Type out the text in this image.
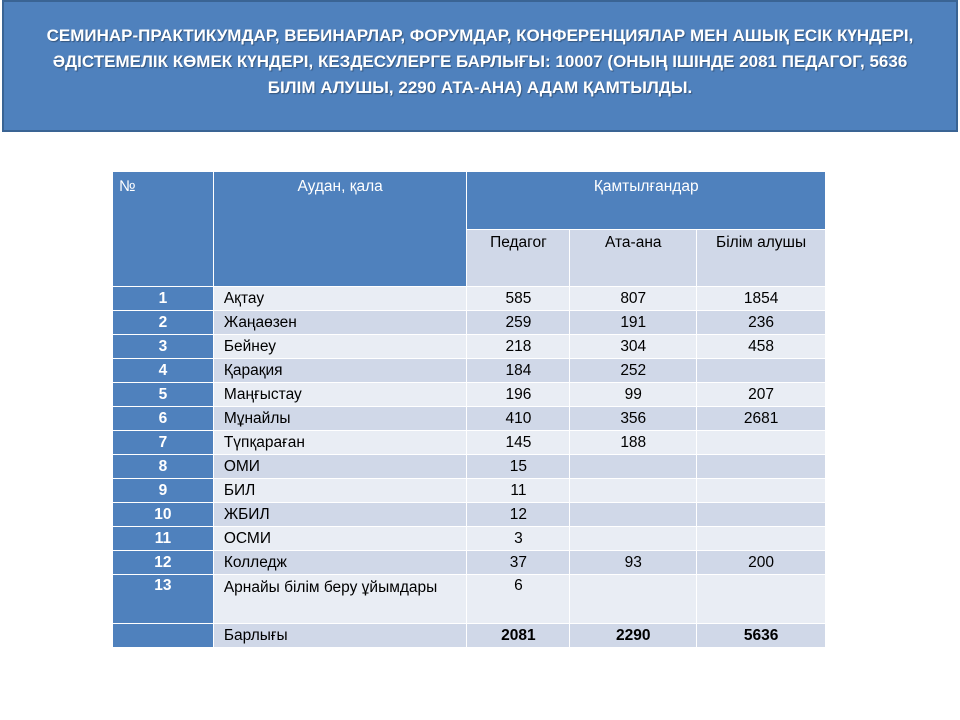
СЕМИНАР-ПРАКТИКУМДАР, ВЕБИНАРЛАР, ФОРУМДАР, КОНФЕРЕНЦИЯЛАР МЕН АШЫҚ ЕСІК КҮНДЕРІ, ӘДІСТЕМЕЛІК КӨМЕК КҮНДЕРІ, КЕЗДЕСУЛЕРГЕ БАРЛЫҒЫ: 10007 (ОНЫҢ ІШІНДЕ 2081 ПЕДАГОГ, 5636 БІЛІМ АЛУШЫ, 2290 АТА-АНА) АДАМ ҚАМТЫЛДЫ.
№	Аудан, қала	Қамтылғандар		
		Педагог	Ата-ана	Білім алушы
1	Ақтау	585	807	1854
2	Жаңаөзен	259	191	236
3	Бейнеу	218	304	458
4	Қарақия	184	252	
5	Маңғыстау	196	99	207
6	Мұнайлы	410	356	2681
7	Түпқараған	145	188	
8	ОМИ	15		
9	БИЛ	11		
10	ЖБИЛ	12		
11	ОСМИ	3		
12	Колледж	37	93	200
13	Арнайы білім беру ұйымдары	6		
	Барлығы	2081	2290	5636
